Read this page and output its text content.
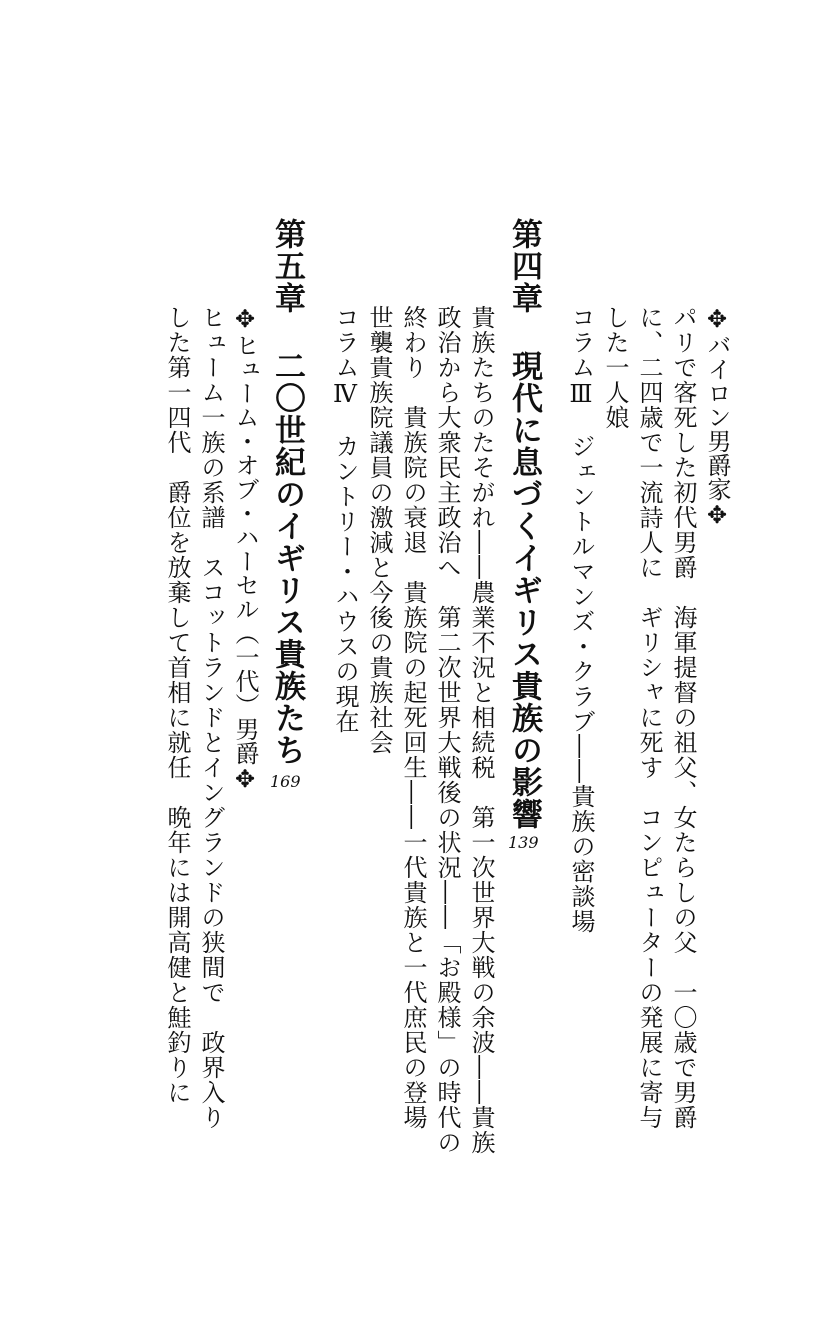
✥バイロン男爵家✥
パリで客死した初代男爵　海軍提督の祖父、女たらしの父　一〇歳で男爵
に、二四歳で一流詩人に　ギリシャに死す　コンピューターの発展に寄与
した一人娘
コラムⅢ　ジェントルマンズ・クラブ――貴族の密談場
第四章現代に息づくイギリス貴族の影響
139
貴族たちのたそがれ――農業不況と相続税　第一次世界大戦の余波――貴族
政治から大衆民主政治へ　第二次世界大戦後の状況――「お殿様」の時代の
終わり　貴族院の衰退　貴族院の起死回生――一代貴族と一代庶民の登場
世襲貴族院議員の激減と今後の貴族社会
コラムⅣ　カントリー・ハウスの現在
第五章二〇世紀のイギリス貴族たち
169
✥ヒューム・オブ・ハーセル（一代）男爵✥
ヒューム一族の系譜　スコットランドとイングランドの狭間で　政界入り
した第一四代　爵位を放棄して首相に就任　晩年には開高健と鮭釣りに
